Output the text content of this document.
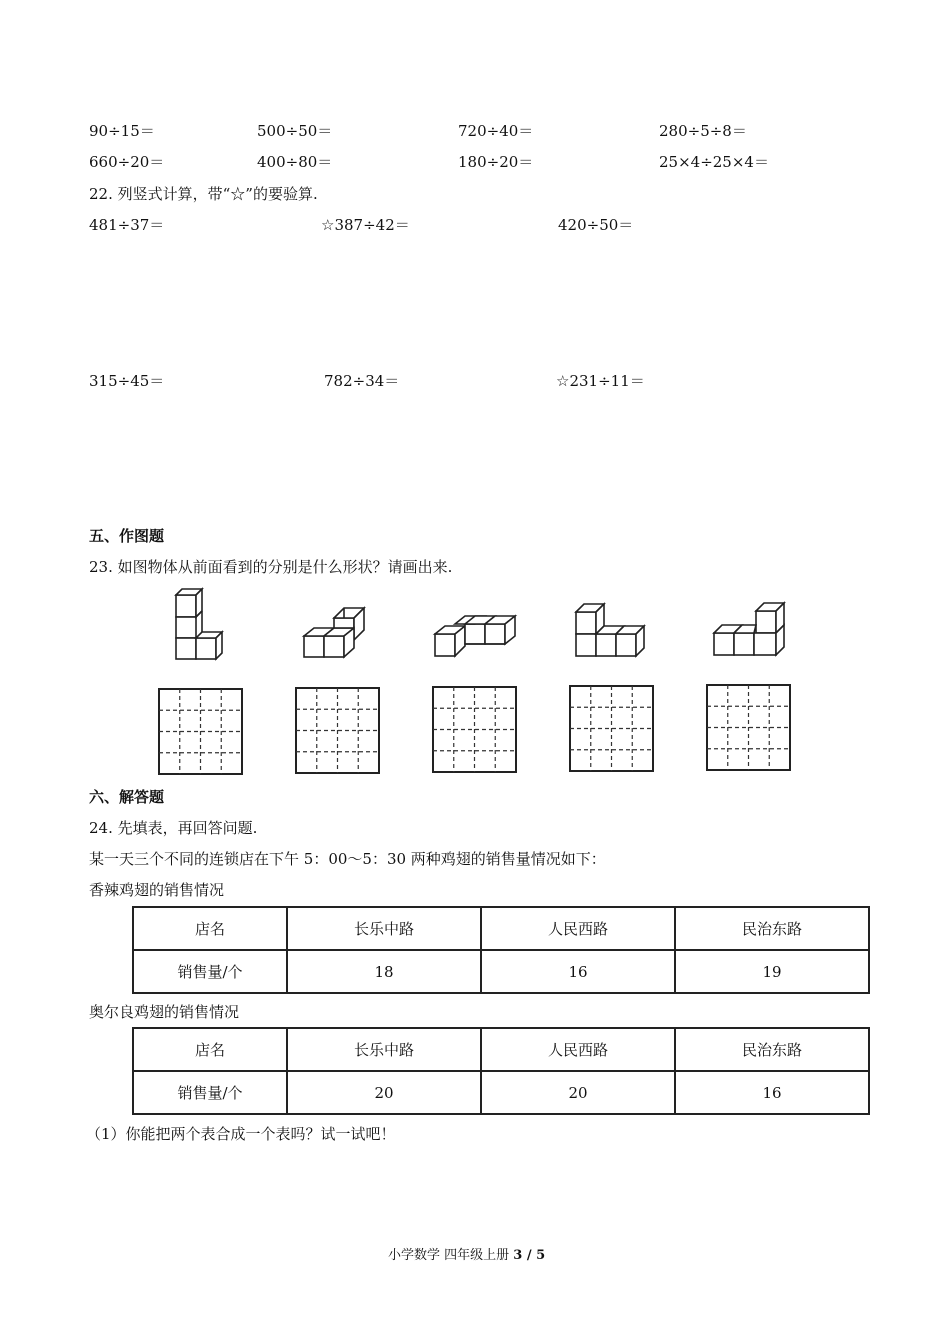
90÷15＝	500÷50＝	720÷40＝	280÷5÷8＝
660÷20＝	400÷80＝	180÷20＝	25×4÷25×4＝
22. 列竖式计算，带“☆”的要验算.
481÷37＝	☆387÷42＝	420÷50＝
315÷45＝	782÷34＝	☆231÷11＝
五、作图题
23. 如图物体从前面看到的分别是什么形状？请画出来.
六、解答题
24. 先填表，再回答问题.
某一天三个不同的连锁店在下午 5：00～5：30 两种鸡翅的销售量情况如下：
香辣鸡翅的销售情况
店名	长乐中路	人民西路	民治东路
销售量/个	18	16	19
奥尔良鸡翅的销售情况
店名	长乐中路	人民西路	民治东路
销售量/个	20	20	16
（1）你能把两个表合成一个表吗？试一试吧！
小学数学 四年级上册 3 / 5
